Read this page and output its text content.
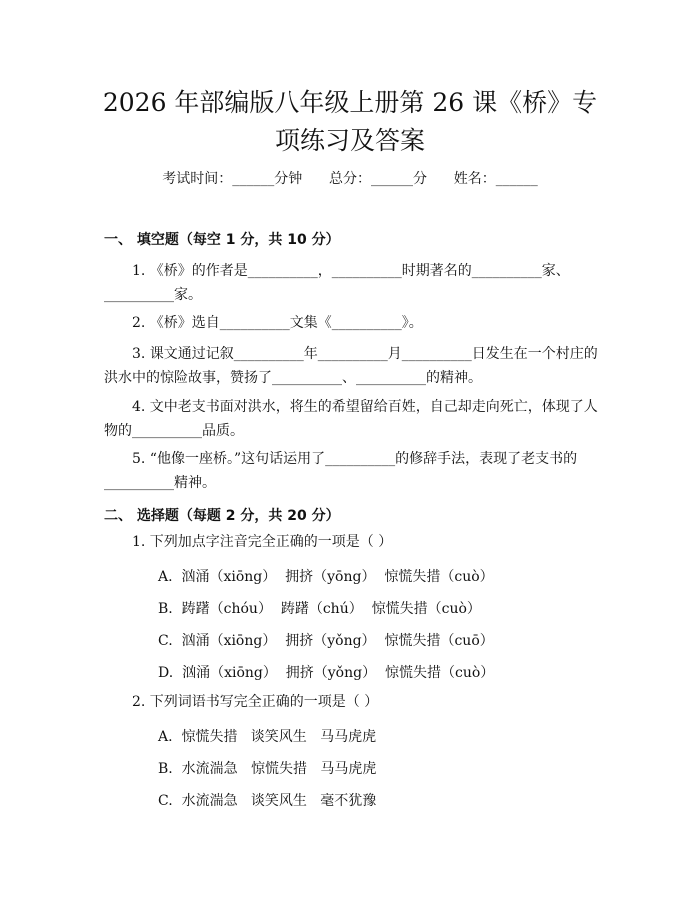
2026 年部编版八年级上册第 26 课《桥》专
项练习及答案
考试时间：______分钟      总分：______分      姓名：______
一、 填空题（每空 1 分，共 10 分）
1. 《桥》的作者是__________，__________时期著名的__________家、
__________家。
2. 《桥》选自__________文集《__________》。
3. 课文通过记叙__________年__________月__________日发生在一个村庄的
洪水中的惊险故事，赞扬了__________、__________的精神。
4. 文中老支书面对洪水，将生的希望留给百姓，自己却走向死亡，体现了人
物的__________品质。
5. “他像一座桥。”这句话运用了__________的修辞手法，表现了老支书的
__________精神。
二、 选择题（每题 2 分，共 20 分）
1. 下列加点字注音完全正确的一项是（ ）
A.  汹涌（xiōng）  拥挤（yōng）  惊慌失措（cuò）
B.  踌躇（chóu）  踌躇（chú）  惊慌失措（cuò）
C.  汹涌（xiōng）  拥挤（yǒng）  惊慌失措（cuō）
D.  汹涌（xiōng）  拥挤（yǒng）  惊慌失措（cuò）
2. 下列词语书写完全正确的一项是（ ）
A.  惊慌失措   谈笑风生   马马虎虎
B.  水流湍急   惊慌失措   马马虎虎
C.  水流湍急   谈笑风生   毫不犹豫
